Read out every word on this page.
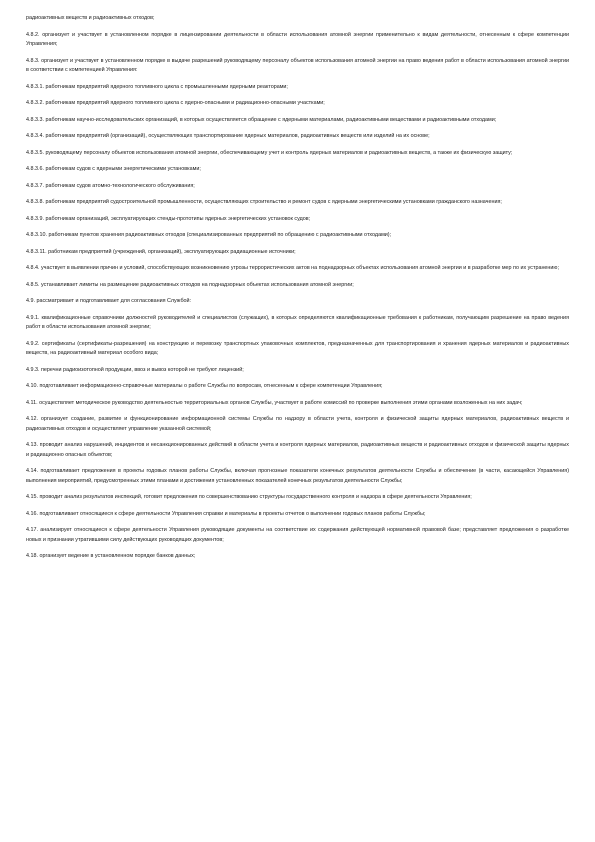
радиоактивных веществ и радиоактивных отходов;

4.8.2. организует и участвует в установленном порядке в лицензировании деятельности в области использования атомной энергии применительно к видам деятельности, отнесенным к сфере компетенции Управления;

4.8.3. организует и участвует в установленном порядке в выдаче разрешений руководящему персоналу объектов использования атомной энергии на право ведения работ в области использования атомной энергии в соответствии с компетенцией Управления:

4.8.3.1. работникам предприятий ядерного топливного цикла с промышленными ядерными реакторами;

4.8.3.2. работникам предприятий ядерного топливного цикла с ядерно-опасными и радиационно-опасными участками;

4.8.3.3. работникам научно-исследовательских организаций, в которых осуществляется обращение с ядерными материалами, радиоактивными веществами и радиоактивными отходами;

4.8.3.4. работникам предприятий (организаций), осуществляющих транспортирование ядерных материалов, радиоактивных веществ или изделий на их основе;

4.8.3.5. руководящему персоналу объектов использования атомной энергии, обеспечивающему учет и контроль ядерных материалов и радиоактивных веществ, а также их физическую защиту;

4.8.3.6. работникам судов с ядерными энергетическими установками;

4.8.3.7. работникам судов атомно-технологического обслуживания;

4.8.3.8. работникам предприятий судостроительной промышленности, осуществляющих строительство и ремонт судов с ядерными энергетическими установками гражданского назначения;

4.8.3.9. работникам организаций, эксплуатирующих стенды-прототипы ядерных энергетических установок судов;

4.8.3.10. работникам пунктов хранения радиоактивных отходов (специализированных предприятий по обращению с радиоактивными отходами);

4.8.3.11. работникам предприятий (учреждений, организаций), эксплуатирующих радиационные источники;

4.8.4. участвует в выявлении причин и условий, способствующих возникновению угрозы террористических актов на поднадзорных объектах использования атомной энергии и в разработке мер по их устранению;

4.8.5. устанавливает лимиты на размещение радиоактивных отходов на поднадзорных объектах использования атомной энергии;

4.9. рассматривает и подготавливает для согласования Службой:

4.9.1. квалификационные справочники должностей руководителей и специалистов (служащих), в которых определяются квалификационные требования к работникам, получающим разрешение на право ведения работ в области использования атомной энергии;

4.9.2. сертификаты (сертификаты-разрешения) на конструкцию и перевозку транспортных упаковочных комплектов, предназначенных для транспортирования и хранения ядерных материалов и радиоактивных веществ, на радиоактивный материал особого вида;

4.9.3. перечни радиоизотопной продукции, ввоз и вывоз которой не требуют лицензий;

4.10. подготавливает информационно-справочные материалы о работе Службы по вопросам, отнесенным к сфере компетенции Управления;

4.11. осуществляет методическое руководство деятельностью территориальных органов Службы, участвует в работе комиссий по проверке выполнения этими органами возложенных на них задач;

4.12. организует создание, развитие и функционирование информационной системы Службы по надзору в области учета, контроля и физической защиты ядерных материалов, радиоактивных веществ и радиоактивных отходов и осуществляет управление указанной системой;

4.13. проводит анализ нарушений, инцидентов и несанкционированных действий в области учета и контроля ядерных материалов, радиоактивных веществ и радиоактивных отходов и физической защиты ядерных и радиационно опасных объектов;

4.14. подготавливает предложения в проекты годовых планов работы Службы, включая прогнозные показатели конечных результатов деятельности Службы и обеспечение (в части, касающейся Управления) выполнения мероприятий, предусмотренных этими планами и достижения установленных показателей конечных результатов деятельности Службы;

4.15. проводит анализ результатов инспекций, готовит предложения по совершенствованию структуры государственного контроля и надзора в сфере деятельности Управления;

4.16. подготавливает относящиеся к сфере деятельности Управления справки и материалы в проекты отчетов о выполнении годовых планов работы Службы;

4.17. анализирует относящиеся к сфере деятельности Управления руководящие документы на соответствие их содержания действующей нормативной правовой базе; представляет предложения о разработке новых и признании утратившими силу действующих руководящих документов;

4.18. организует ведение в установленном порядке банков данных;
